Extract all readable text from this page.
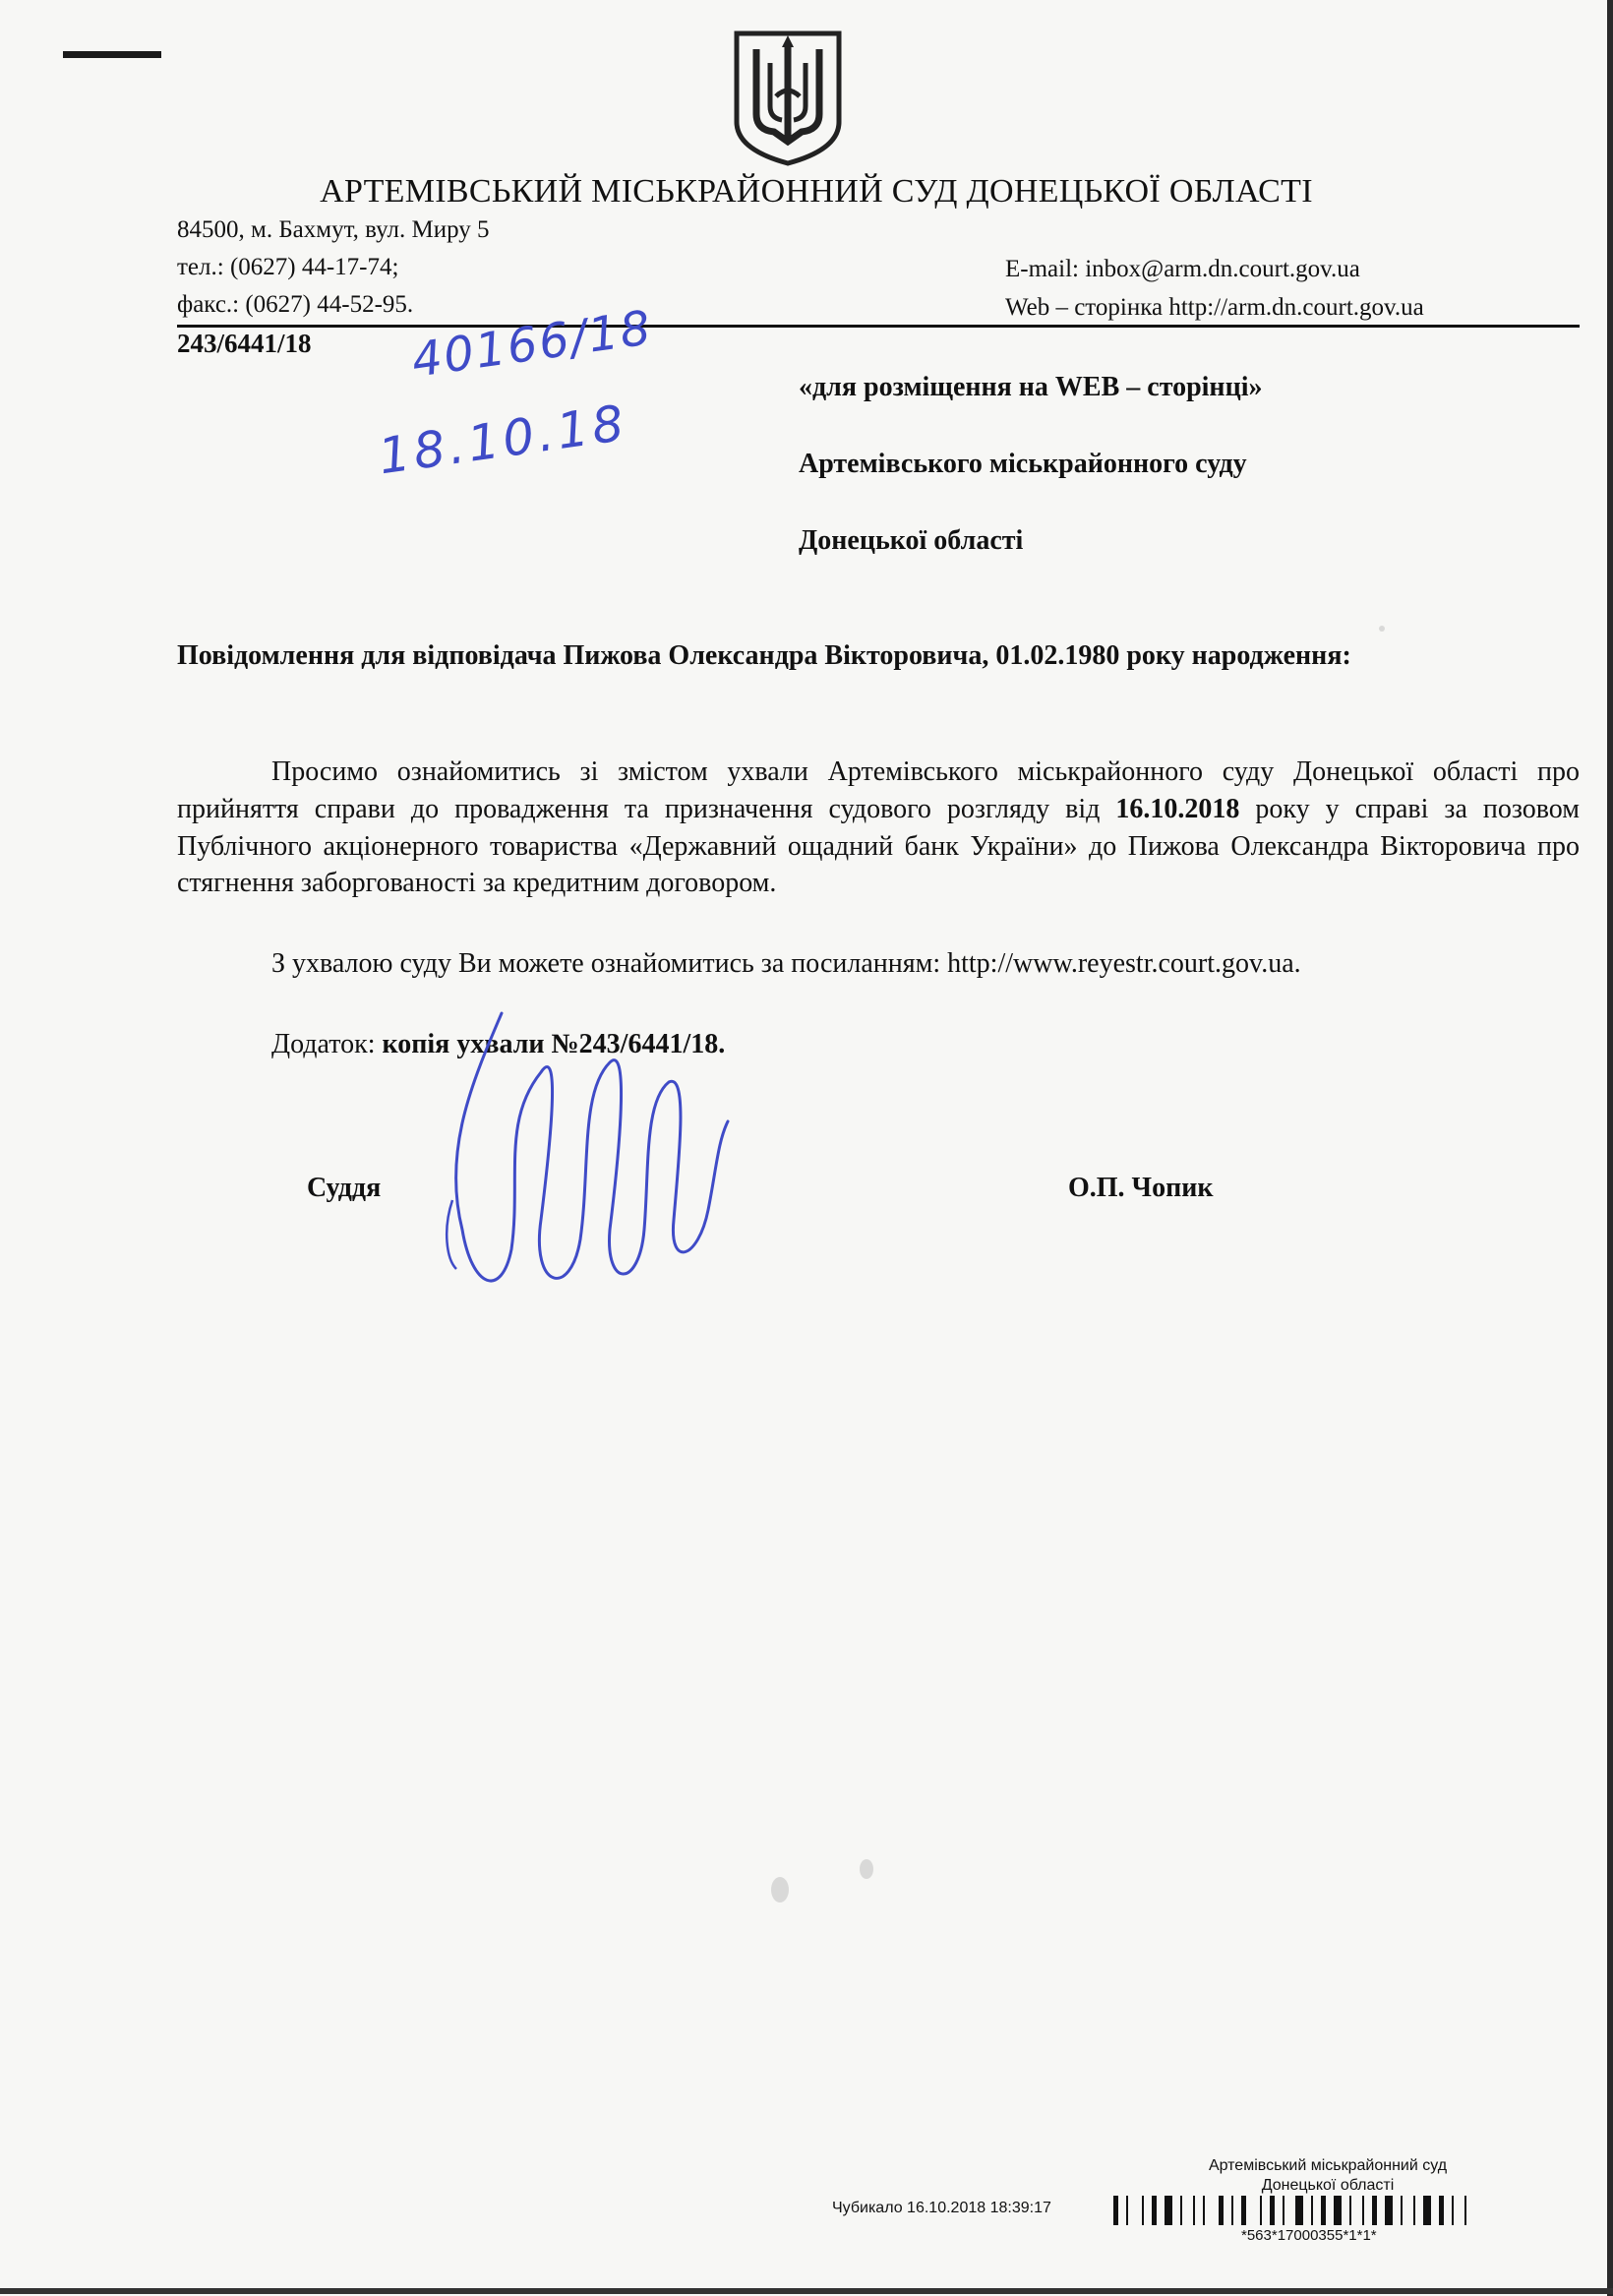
АРТЕМІВСЬКИЙ МІСЬКРАЙОННИЙ СУД ДОНЕЦЬКОЇ ОБЛАСТІ
84500, м. Бахмут, вул. Миру 5
тел.: (0627) 44-17-74;
факс.: (0627) 44-52-95.
E-mail: inbox@arm.dn.court.gov.ua
Web – сторінка http://arm.dn.court.gov.ua
243/6441/18 40166/18
18.10.18
«для розміщення на WEB – сторінці»
Артемівського міськрайонного суду
Донецької області
Повідомлення для відповідача Пижова Олександра Вікторовича, 01.02.1980 року народження:
Просимо ознайомитись зі змістом ухвали Артемівського міськрайонного суду Донецької області про прийняття справи до провадження та призначення судового розгляду від 16.10.2018 року у справі за позовом Публічного акціонерного товариства «Державний ощадний банк України» до Пижова Олександра Вікторовича про стягнення заборгованості за кредитним договором.
З ухвалою суду Ви можете ознайомитись за посиланням: http://www.reyestr.court.gov.ua.
Додаток: копія ухвали №243/6441/18.
Суддя	О.П. Чопик
Артемівський міськрайонний суд
Донецької області
Чубикало 16.10.2018 18:39:17
*563*17000355*1*1*
